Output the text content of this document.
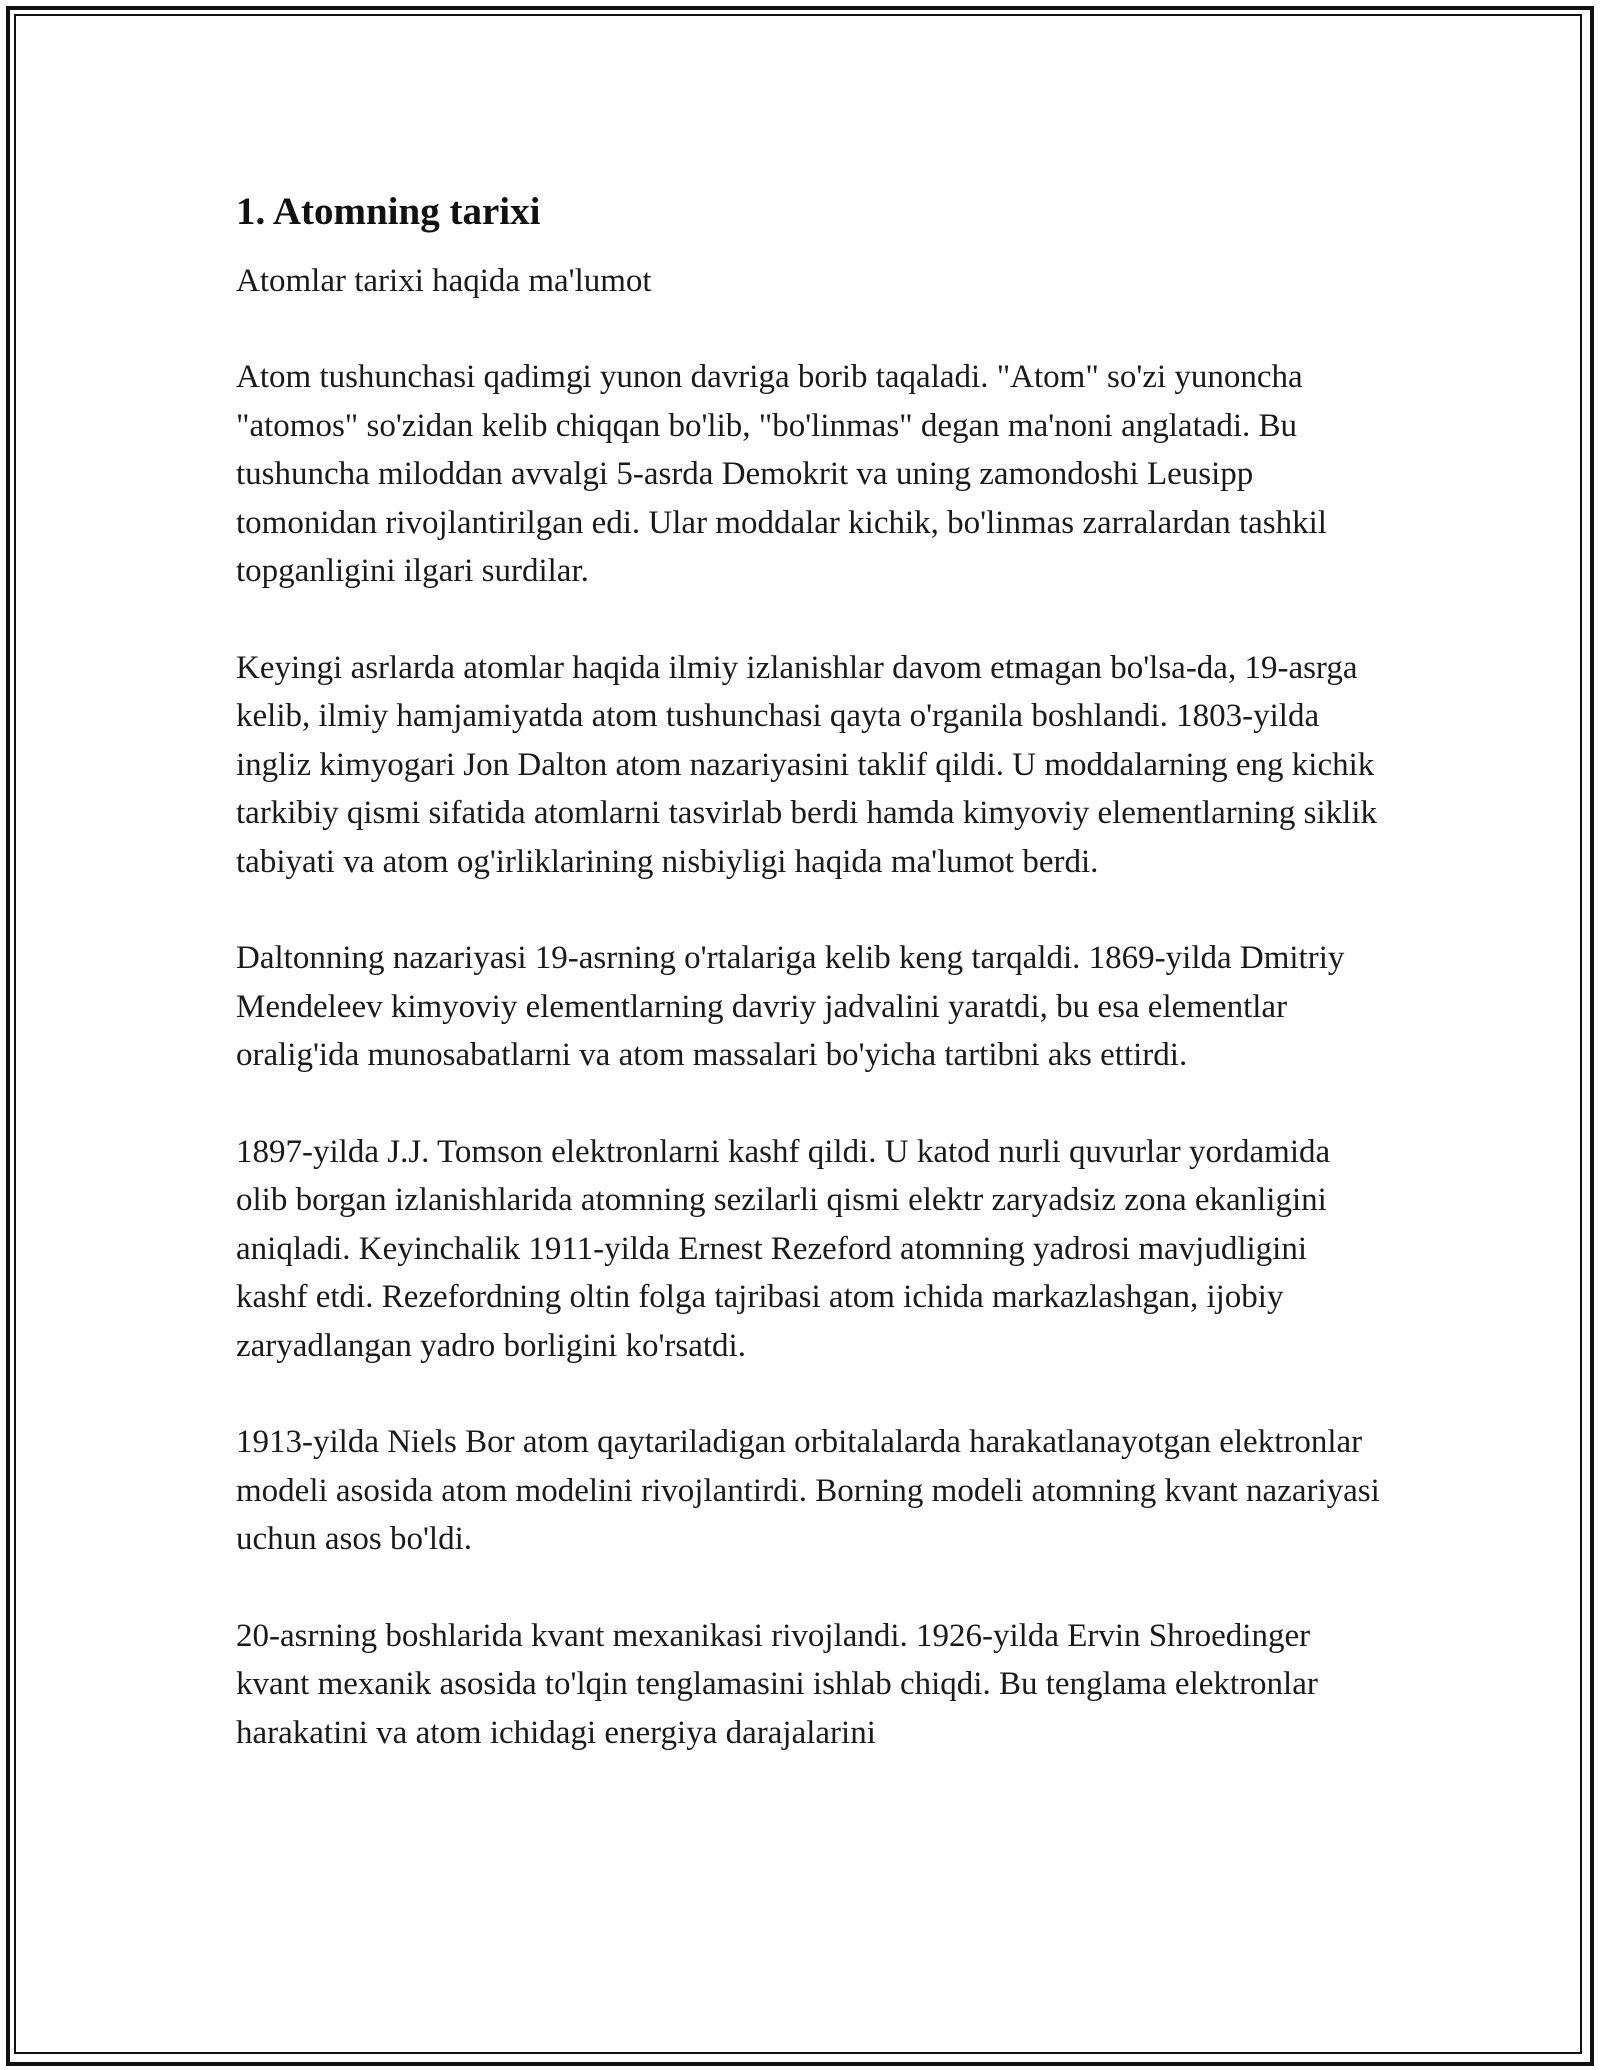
1. Atomning tarixi

Atomlar tarixi haqida ma'lumot

Atom tushunchasi qadimgi yunon davriga borib taqaladi. "Atom" so'zi yunoncha "atomos" so'zidan kelib chiqqan bo'lib, "bo'linmas" degan ma'noni anglatadi. Bu tushuncha miloddan avvalgi 5-asrda Demokrit va uning zamondoshi Leusipp tomonidan rivojlantirilgan edi. Ular moddalar kichik, bo'linmas zarralardan tashkil topganligini ilgari surdilar.

Keyingi asrlarda atomlar haqida ilmiy izlanishlar davom etmagan bo'lsa-da, 19-asrga kelib, ilmiy hamjamiyatda atom tushunchasi qayta o'rganila boshlandi. 1803-yilda ingliz kimyogari Jon Dalton atom nazariyasini taklif qildi. U moddalarning eng kichik tarkibiy qismi sifatida atomlarni tasvirlab berdi hamda kimyoviy elementlarning siklik tabiyati va atom og'irliklarining nisbiyligi haqida ma'lumot berdi.

Daltonning nazariyasi 19-asrning o'rtalariga kelib keng tarqaldi. 1869-yilda Dmitriy Mendeleev kimyoviy elementlarning davriy jadvalini yaratdi, bu esa elementlar oralig'ida munosabatlarni va atom massalari bo'yicha tartibni aks ettirdi.

1897-yilda J.J. Tomson elektronlarni kashf qildi. U katod nurli quvurlar yordamida olib borgan izlanishlarida atomning sezilarli qismi elektr zaryadsiz zona ekanligini aniqladi. Keyinchalik 1911-yilda Ernest Rezeford atomning yadrosi mavjudligini kashf etdi. Rezefordning oltin folga tajribasi atom ichida markazlashgan, ijobiy zaryadlangan yadro borligini ko'rsatdi.

1913-yilda Niels Bor atom qaytariladigan orbitalalarda harakatlanayotgan elektronlar modeli asosida atom modelini rivojlantirdi. Borning modeli atomning kvant nazariyasi uchun asos bo'ldi.

20-asrning boshlarida kvant mexanikasi rivojlandi. 1926-yilda Ervin Shroedinger kvant mexanik asosida to'lqin tenglamasini ishlab chiqdi. Bu tenglama elektronlar harakatini va atom ichidagi energiya darajalarini
